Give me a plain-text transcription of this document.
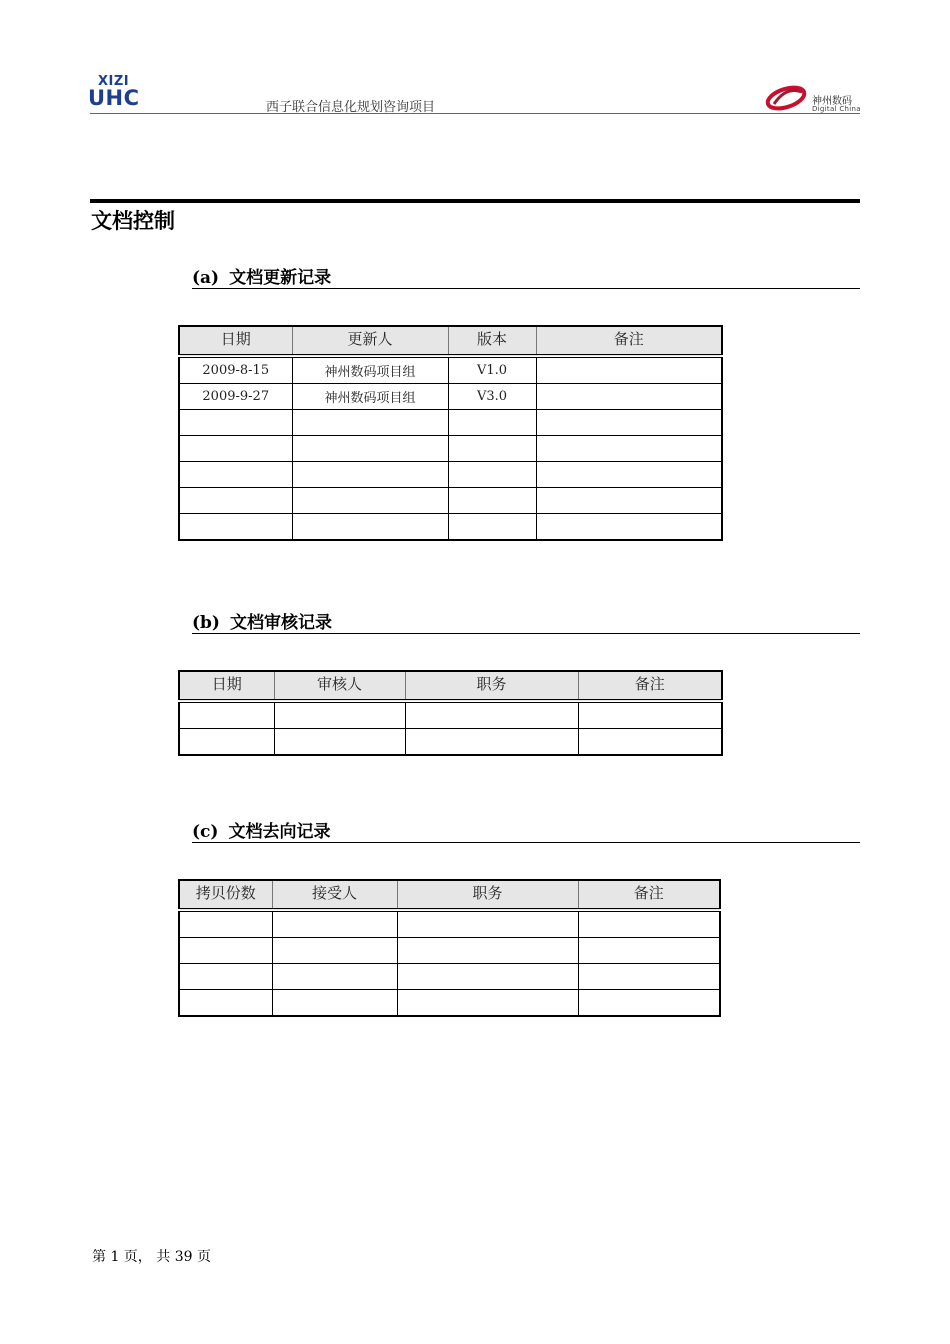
XIZI
UHC	西子联合信息化规划咨询项目	神州数码
Digital China
文档控制
(a) 文档更新记录
日期	更新人	版本	备注
2009-8-15	神州数码项目组	V1.0	
2009-9-27	神州数码项目组	V3.0	

(b) 文档审核记录
日期	审核人	职务	备注

(c) 文档去向记录
拷贝份数	接受人	职务	备注

第 1 页， 共 39 页
